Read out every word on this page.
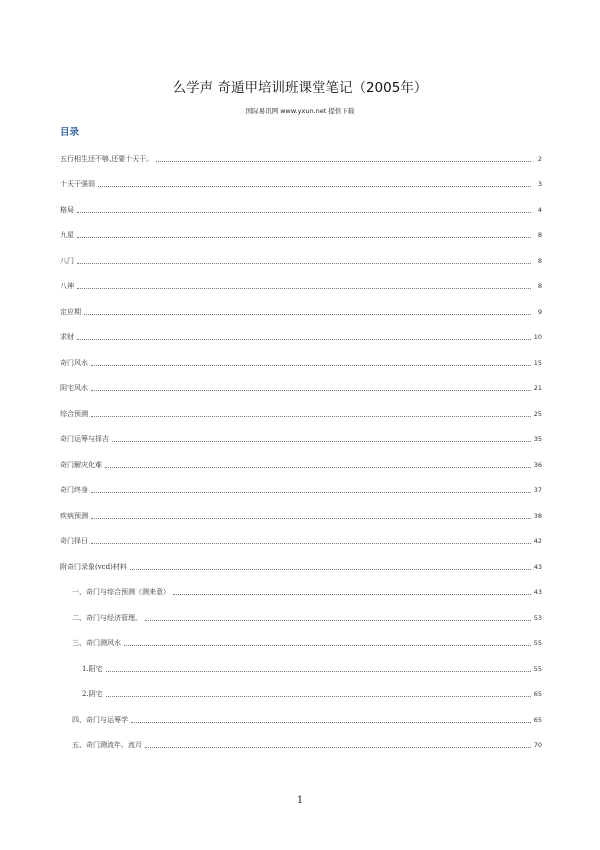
么学声 奇遁甲培训班课堂笔记（2005年）
国际易讯网 www.yxun.net 提供下载
目录
五行相生还不够,还要十天干。	2
十天干强弱	3
格局	4
九星	8
八门	8
八神	8
定应期	9
求财	10
奇门风水	15
阴宅风水	21
综合预测	25
奇门运筹与择吉	35
奇门解灾化难	36
奇门终身	37
疾病预测	38
奇门择日	42
附奇门录象(vcd)材料	43
一、奇门与综合预测（测来意）	43
二、奇门与经济管理。	53
三、奇门测风水	55
1.阳宅	55
2.阴宅	65
四、奇门与运筹学	65
五、奇门测流年、流月	70
1
